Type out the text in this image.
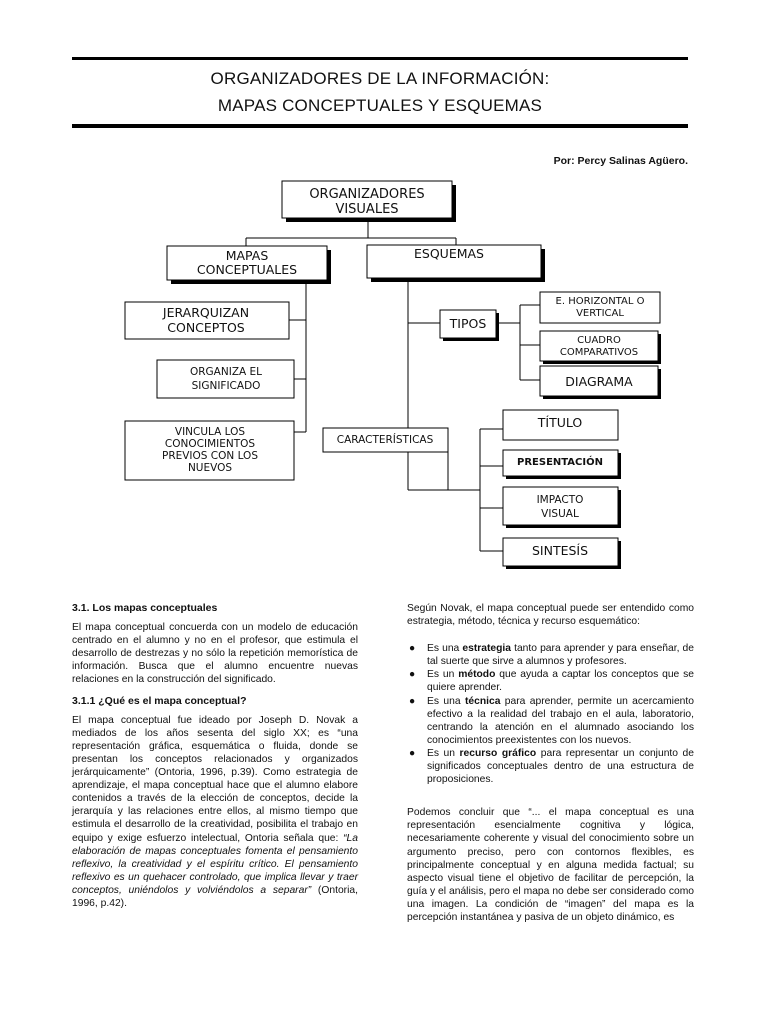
ORGANIZADORES DE LA INFORMACIÓN:
MAPAS CONCEPTUALES Y ESQUEMAS
Por: Percy Salinas Agüero.
ORGANIZADORES
VISUALES
MAPAS
CONCEPTUALES
ESQUEMAS
JERARQUIZAN
CONCEPTOS
ORGANIZA EL
SIGNIFICADO
VINCULA LOS
CONOCIMIENTOS
PREVIOS CON LOS
NUEVOS
TIPOS
E. HORIZONTAL O
VERTICAL
CUADRO
COMPARATIVOS
DIAGRAMA
CARACTERÍSTICAS
TÍTULO
PRESENTACIÓN
IMPACTO
VISUAL
SINTESÍS
3.1. Los mapas conceptuales

El mapa conceptual concuerda con un modelo de educación centrado en el alumno y no en el profesor, que estimula el desarrollo de destrezas y no sólo la repetición memorística de información. Busca que el alumno encuentre nuevas relaciones en la construcción del significado.

3.1.1 ¿Qué es el mapa conceptual?

El mapa conceptual fue ideado por Joseph D. Novak a mediados de los años sesenta del siglo XX; es “una representación gráfica, esquemática o fluida, donde se presentan los conceptos relacionados y organizados jerárquicamente” (Ontoria, 1996, p.39). Como estrategia de aprendizaje, el mapa conceptual hace que el alumno elabore contenidos a través de la elección de conceptos, decide la jerarquía y las relaciones entre ellos, al mismo tiempo que estimula el desarrollo de la creatividad, posibilita el trabajo en equipo y exige esfuerzo intelectual, Ontoria señala que: “La elaboración de mapas conceptuales fomenta el pensamiento reflexivo, la creatividad y el espíritu crítico. El pensamiento reflexivo es un quehacer controlado, que implica llevar y traer conceptos, uniéndolos y volviéndolos a separar” (Ontoria, 1996, p.42).

Según Novak, el mapa conceptual puede ser entendido como estrategia, método, técnica y recurso esquemático:

● Es una estrategia tanto para aprender y para enseñar, de tal suerte que sirve a alumnos y profesores.
● Es un método que ayuda a captar los conceptos que se quiere aprender.
● Es una técnica para aprender, permite un acercamiento efectivo a la realidad del trabajo en el aula, laboratorio, centrando la atención en el alumnado asociando los conocimientos preexistentes con los nuevos.
● Es un recurso gráfico para representar un conjunto de significados conceptuales dentro de una estructura de proposiciones.

Podemos concluir que “... el mapa conceptual es una representación esencialmente cognitiva y lógica, necesariamente coherente y visual del conocimiento sobre un argumento preciso, pero con contornos flexibles, es principalmente conceptual y en alguna medida factual; su aspecto visual tiene el objetivo de facilitar de percepción, la guía y el análisis, pero el mapa no debe ser considerado como una imagen. La condición de “imagen” del mapa es la percepción instantánea y pasiva de un objeto dinámico, es
